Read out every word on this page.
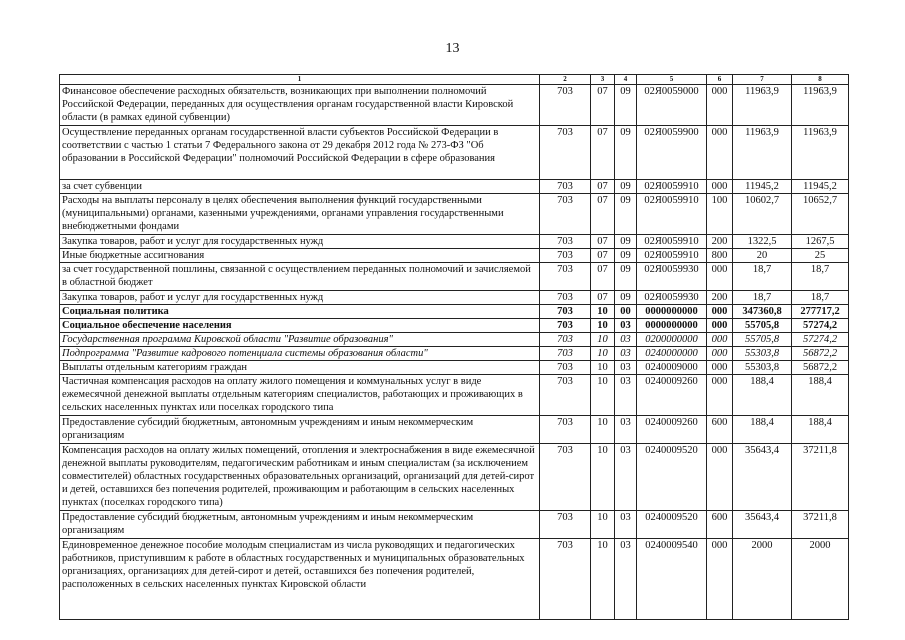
13
1	2	3	4	5	6	7	8
Финансовое обеспечение расходных обязательств, возникающих при выполнении полномочий Российской Федерации, переданных для осуществления органам государственной власти Кировской области (в рамках единой субвенции)	703	07	09	02Я0059000	000	11963,9	11963,9
Осуществление переданных органам государственной власти субъектов Российской Федерации в соответствии с частью 1 статьи 7 Федерального закона от 29 декабря 2012 года № 273-ФЗ "Об образовании в Российской Федерации" полномочий Российской Федерации в сфере образования	703	07	09	02Я0059900	000	11963,9	11963,9
за счет субвенции	703	07	09	02Я0059910	000	11945,2	11945,2
Расходы на выплаты персоналу в целях обеспечения выполнения функций государственными (муниципальными) органами, казенными учреждениями, органами управления государственными внебюджетными фондами	703	07	09	02Я0059910	100	10602,7	10652,7
Закупка товаров, работ и услуг для государственных нужд	703	07	09	02Я0059910	200	1322,5	1267,5
Иные бюджетные ассигнования	703	07	09	02Я0059910	800	20	25
за счет государственной пошлины, связанной с осуществлением переданных полномочий и зачисляемой в областной бюджет	703	07	09	02Я0059930	000	18,7	18,7
Закупка товаров, работ и услуг для государственных нужд	703	07	09	02Я0059930	200	18,7	18,7
Социальная политика	703	10	00	0000000000	000	347360,8	277717,2
Социальное обеспечение населения	703	10	03	0000000000	000	55705,8	57274,2
Государственная программа Кировской области "Развитие образования"	703	10	03	0200000000	000	55705,8	57274,2
Подпрограмма "Развитие кадрового потенциала системы образования области"	703	10	03	0240000000	000	55303,8	56872,2
Выплаты отдельным категориям граждан	703	10	03	0240009000	000	55303,8	56872,2
Частичная компенсация расходов на оплату жилого помещения и коммунальных услуг в виде ежемесячной денежной выплаты отдельным категориям специалистов, работающих и проживающих в сельских населенных пунктах или поселках городского типа	703	10	03	0240009260	000	188,4	188,4
Предоставление субсидий бюджетным, автономным учреждениям и иным некоммерческим организациям	703	10	03	0240009260	600	188,4	188,4
Компенсация расходов на оплату жилых помещений, отопления и электроснабжения в виде ежемесячной денежной выплаты руководителям, педагогическим работникам и иным специалистам (за исключением совместителей) областных государственных образовательных организаций, организаций для детей-сирот и детей, оставшихся без попечения родителей, проживающим и работающим в сельских населенных пунктах (поселках городского типа)	703	10	03	0240009520	000	35643,4	37211,8
Предоставление субсидий бюджетным, автономным учреждениям и иным некоммерческим организациям	703	10	03	0240009520	600	35643,4	37211,8
Единовременное денежное пособие молодым специалистам из числа руководящих и педагогических работников, приступившим к работе в областных государственных и муниципальных образовательных организациях, организациях для детей-сирот и детей, оставшихся без попечения родителей, расположенных в сельских населенных пунктах Кировской области	703	10	03	0240009540	000	2000	2000
